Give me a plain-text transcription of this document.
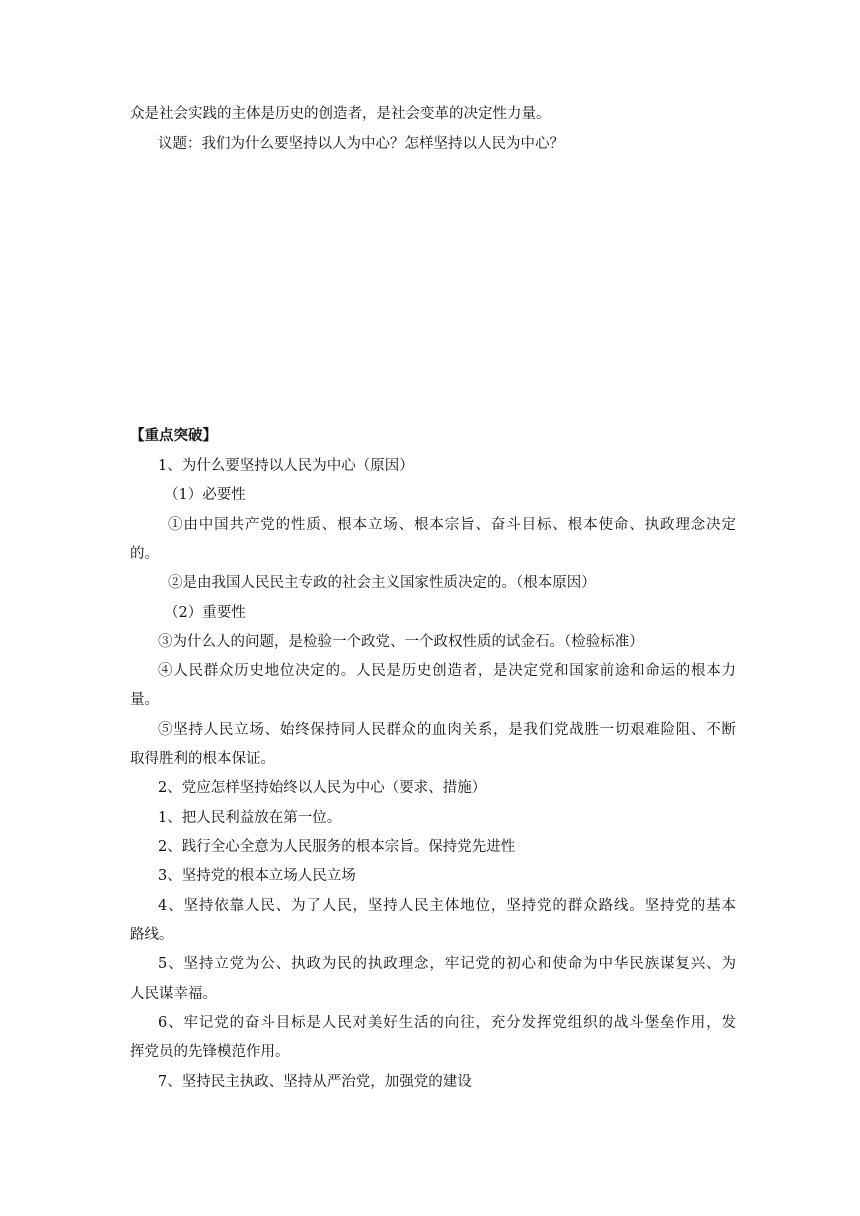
众是社会实践的主体是历史的创造者，是社会变革的决定性力量。
议题：我们为什么要坚持以人为中心？怎样坚持以人民为中心？
【重点突破】
1、为什么要坚持以人民为中心（原因）
（1）必要性
①由中国共产党的性质、根本立场、根本宗旨、奋斗目标、根本使命、执政理念决定
的。
②是由我国人民民主专政的社会主义国家性质决定的。（根本原因）
（2）重要性
③为什么人的问题，是检验一个政党、一个政权性质的试金石。（检验标准）
④人民群众历史地位决定的。人民是历史创造者，是决定党和国家前途和命运的根本力
量。
⑤坚持人民立场、始终保持同人民群众的血肉关系，是我们党战胜一切艰难险阻、不断
取得胜利的根本保证。
2、党应怎样坚持始终以人民为中心（要求、措施）
1、把人民利益放在第一位。
2、践行全心全意为人民服务的根本宗旨。保持党先进性
3、坚持党的根本立场人民立场
4、坚持依靠人民、为了人民，坚持人民主体地位，坚持党的群众路线。坚持党的基本
路线。
5、坚持立党为公、执政为民的执政理念，牢记党的初心和使命为中华民族谋复兴、为
人民谋幸福。
6、牢记党的奋斗目标是人民对美好生活的向往，充分发挥党组织的战斗堡垒作用，发
挥党员的先锋模范作用。
7、坚持民主执政、坚持从严治党，加强党的建设
